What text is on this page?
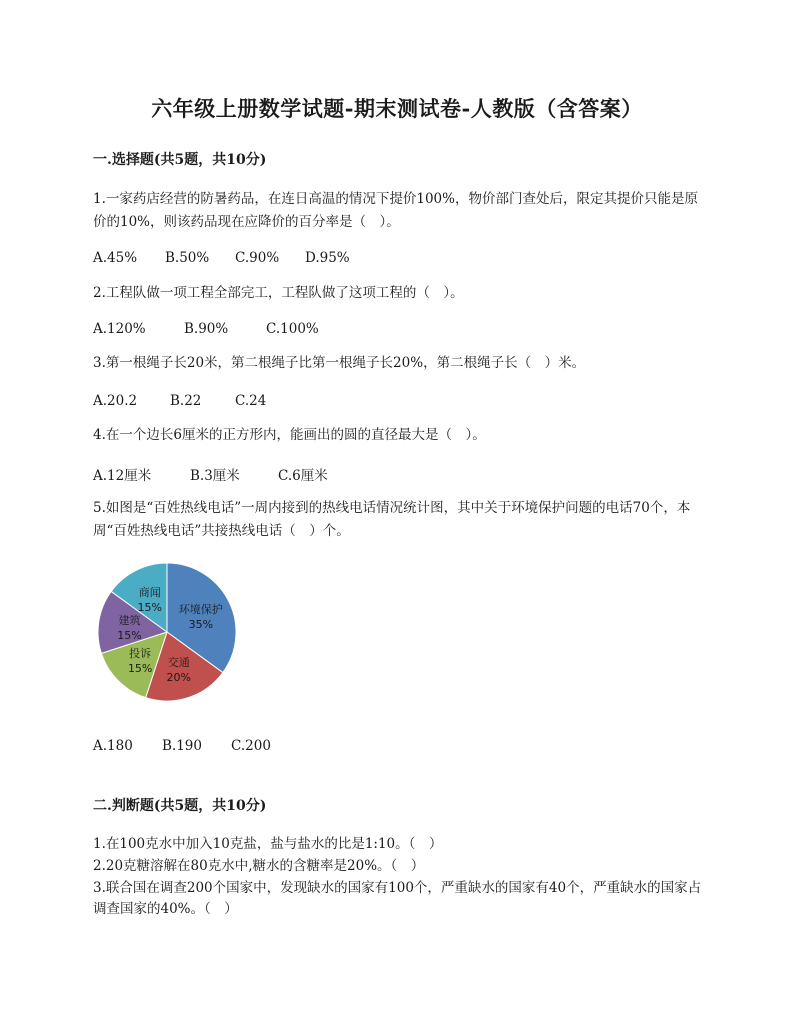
六年级上册数学试题-期末测试卷-人教版（含答案）
一.选择题(共5题，共10分)
1.一家药店经营的防暑药品，在连日高温的情况下提价100%，物价部门查处后，限定其提价只能是原价的10%，则该药品现在应降价的百分率是（　）。
A.45% B.50% C.90% D.95%
2.工程队做一项工程全部完工，工程队做了这项工程的（　）。
A.120%	B.90%	C.100%
3.第一根绳子长20米，第二根绳子比第一根绳子长20%，第二根绳子长（　）米。
A.20.2 B.22 C.24
4.在一个边长6厘米的正方形内，能画出的圆的直径最大是（　）。
A.12厘米	B.3厘米	C.6厘米
5.如图是“百姓热线电话”一周内接到的热线电话情况统计图，其中关于环境保护问题的电话70个，本周“百姓热线电话”共接热线电话（　）个。
环境保护
35%
交通
20%
投诉
15%
建筑
15%
商闻
15%
A.180 B.190 C.200
二.判断题(共5题，共10分)
1.在100克水中加入10克盐，盐与盐水的比是1:10。（　）
2.20克糖溶解在80克水中,糖水的含糖率是20%。（　）
3.联合国在调查200个国家中，发现缺水的国家有100个，严重缺水的国家有40个，严重缺水的国家占调查国家的40%。（　）
